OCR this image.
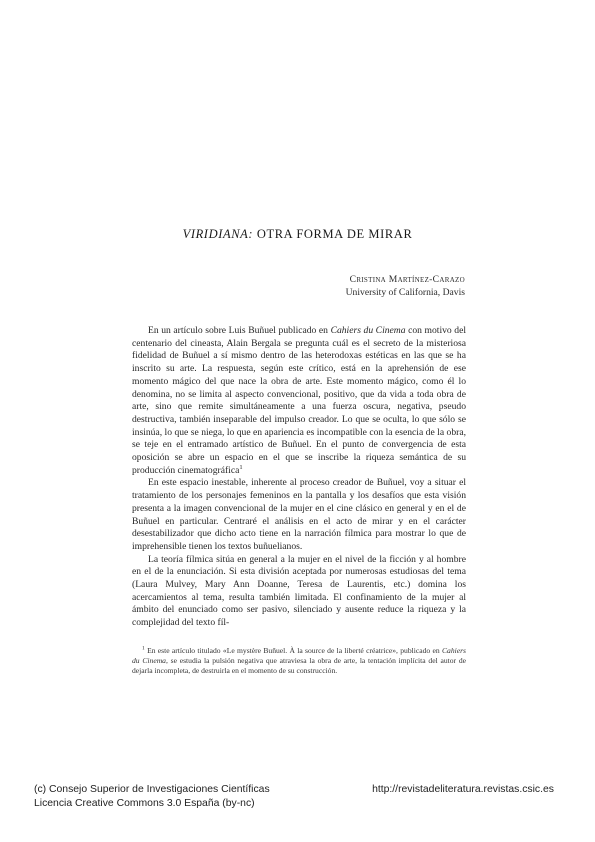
VIRIDIANA: OTRA FORMA DE MIRAR
Cristina Martínez-Carazo
University of California, Davis

En un artículo sobre Luis Buñuel publicado en Cahiers du Cinema con motivo del centenario del cineasta, Alain Bergala se pregunta cuál es el secreto de la misteriosa fidelidad de Buñuel a sí mismo dentro de las heterodoxas estéticas en las que se ha inscrito su arte. La respuesta, según este crítico, está en la aprehensión de ese momento mágico del que nace la obra de arte. Este momento mágico, como él lo denomina, no se limita al aspecto convencional, positivo, que da vida a toda obra de arte, sino que remite simultáneamente a una fuerza oscura, negativa, pseudo destructiva, también inseparable del impulso creador. Lo que se oculta, lo que sólo se insinúa, lo que se niega, lo que en apariencia es incompatible con la esencia de la obra, se teje en el entramado artístico de Buñuel. En el punto de convergencia de esta oposición se abre un espacio en el que se inscribe la riqueza semántica de su producción cinematográfica$^1$

En este espacio inestable, inherente al proceso creador de Buñuel, voy a situar el tratamiento de los personajes femeninos en la pantalla y los desafíos que esta visión presenta a la imagen convencional de la mujer en el cine clásico en general y en el de Buñuel en particular. Centraré el análisis en el acto de mirar y en el carácter desestabilizador que dicho acto tiene en la narración fílmica para mostrar lo que de imprehensible tienen los textos buñuelianos.

La teoría fílmica sitúa en general a la mujer en el nivel de la ficción y al hombre en el de la enunciación. Si esta división aceptada por numerosas estudiosas del tema (Laura Mulvey, Mary Ann Doanne, Teresa de Laurentis, etc.) domina los acercamientos al tema, resulta también limitada. El confinamiento de la mujer al ámbito del enunciado como ser pasivo, silenciado y ausente reduce la riqueza y la complejidad del texto fíl-

$^1$ En este artículo titulado «Le mystère Buñuel. À la source de la liberté créatrice», publicado en Cahiers du Cinema, se estudia la pulsión negativa que atraviesa la obra de arte, la tentación implícita del autor de dejarla incompleta, de destruirla en el momento de su construcción.

(c) Consejo Superior de Investigaciones Científicas
Licencia Creative Commons 3.0 España (by-nc)
http://revistadeliteratura.revistas.csic.es
